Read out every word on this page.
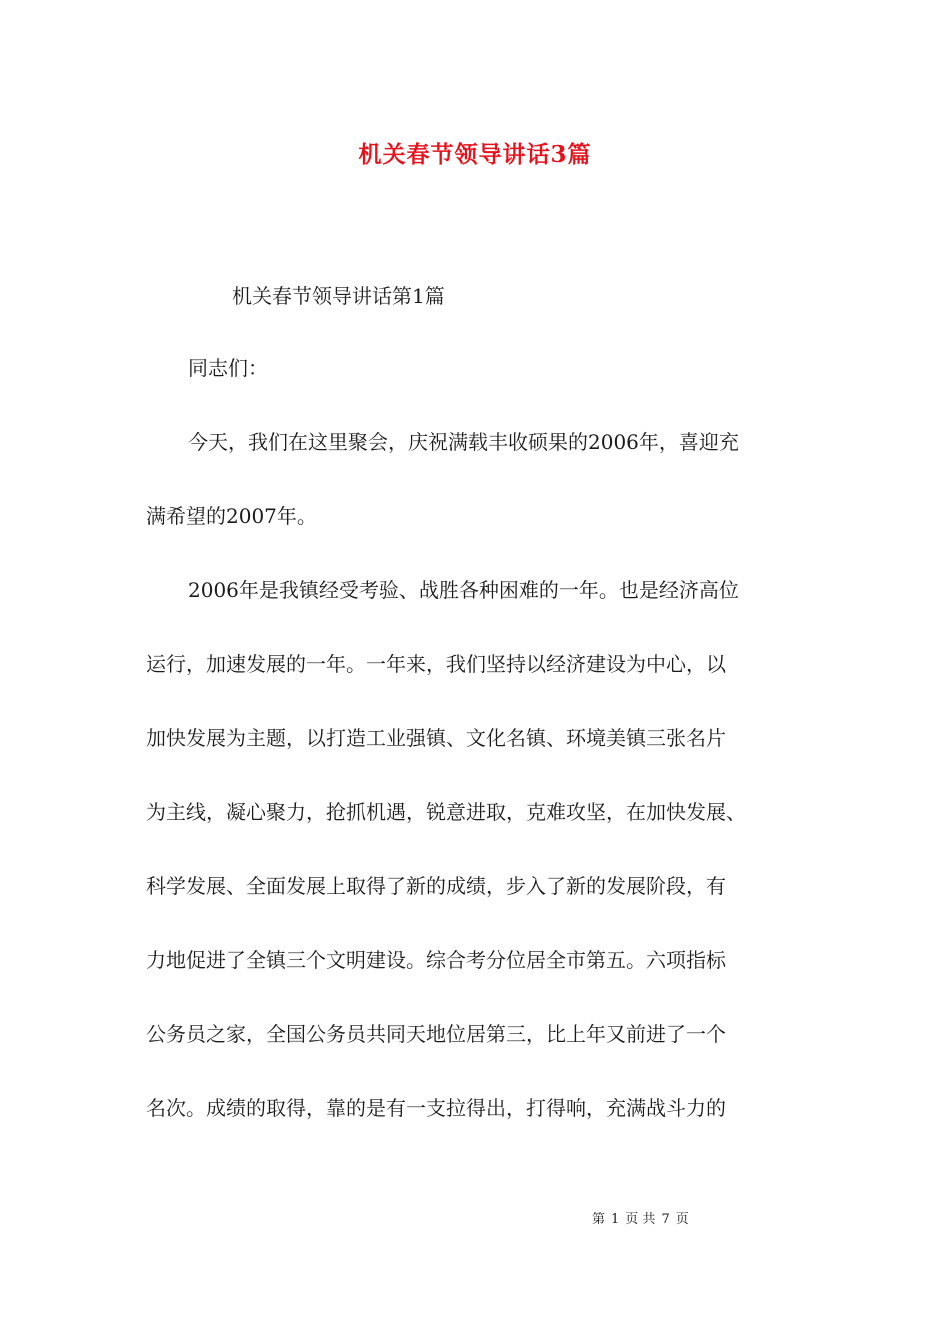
机关春节领导讲话3篇
机关春节领导讲话第1篇
同志们：
今天，我们在这里聚会，庆祝满载丰收硕果的2006年，喜迎充
满希望的2007年。
2006年是我镇经受考验、战胜各种困难的一年。也是经济高位
运行，加速发展的一年。一年来，我们坚持以经济建设为中心，以
加快发展为主题，以打造工业强镇、文化名镇、环境美镇三张名片
为主线，凝心聚力，抢抓机遇，锐意进取，克难攻坚，在加快发展、
科学发展、全面发展上取得了新的成绩，步入了新的发展阶段，有
力地促进了全镇三个文明建设。综合考分位居全市第五。六项指标
公务员之家，全国公务员共同天地位居第三，比上年又前进了一个
名次。成绩的取得，靠的是有一支拉得出，打得响，充满战斗力的
第 1 页 共 7 页
